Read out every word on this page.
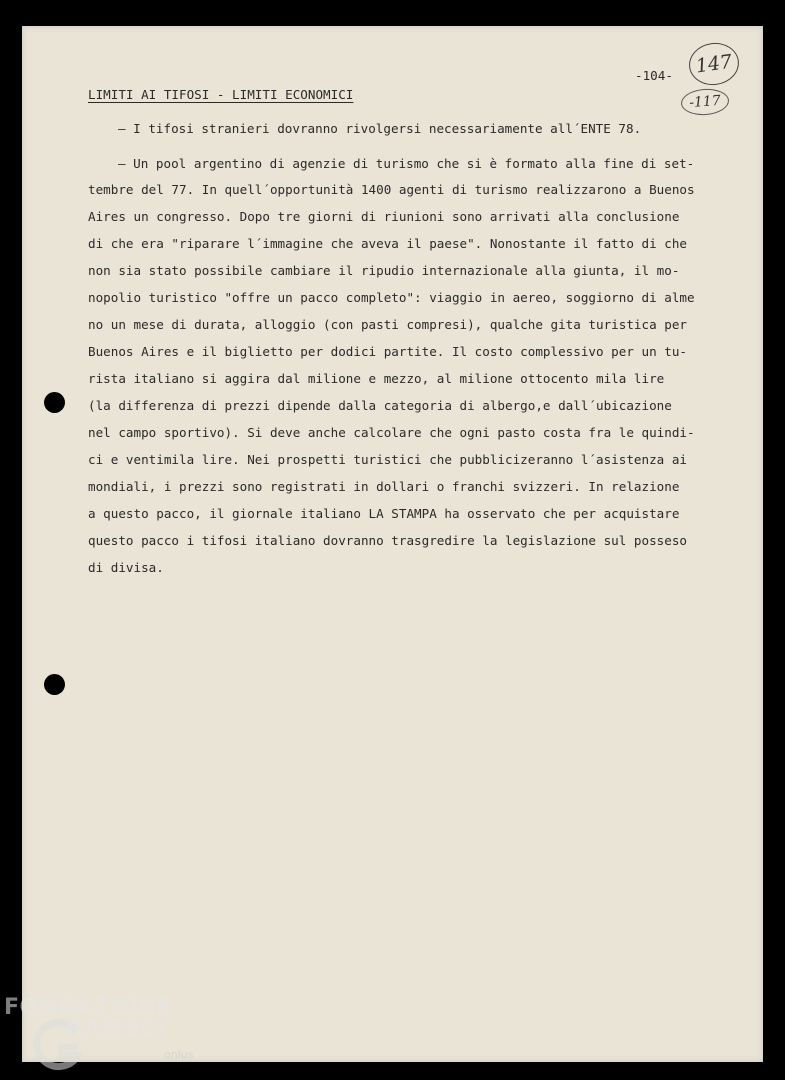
-104-
LIMITI AI TIFOSI - LIMITI ECONOMICI
147
-117
– I tifosi stranieri dovranno rivolgersi necessariamente all´ENTE 78.
– Un pool argentino di agenzie di turismo che si è formato alla fine di set-
tembre del 77. In quell´opportunità 1400 agenti di turismo realizzarono a Buenos
Aires un congresso. Dopo tre giorni di riunioni sono arrivati alla conclusione
di che era "riparare l´immagine che aveva il paese". Nonostante il fatto di che
non sia stato possibile cambiare il ripudio internazionale alla giunta, il mo-
nopolio turistico "offre un pacco completo": viaggio in aereo, soggiorno di alme
no un mese di durata, alloggio (con pasti compresi), qualche gita turistica per
Buenos Aires e il biglietto per dodici partite. Il costo complessivo per un tu-
rista italiano si aggira dal milione e mezzo, al milione ottocento mila lire
(la differenza di prezzi dipende dalla categoria di albergo,e dall´ubicazione
nel campo sportivo). Si deve anche calcolare che ogni pasto costa fra le quindi-
ci e ventimila lire. Nei prospetti turistici che pubblicizeranno l´asistenza ai
mondiali, i prezzi sono registrati in dollari o franchi svizzeri. In relazione
a questo pacco, il giornale italiano LA STAMPA ha osservato che per acquistare
questo pacco i tifosi italiano dovranno trasgredire la legislazione sul posseso
di divisa.
FONDAZIONE
RAMSCI
onlus
